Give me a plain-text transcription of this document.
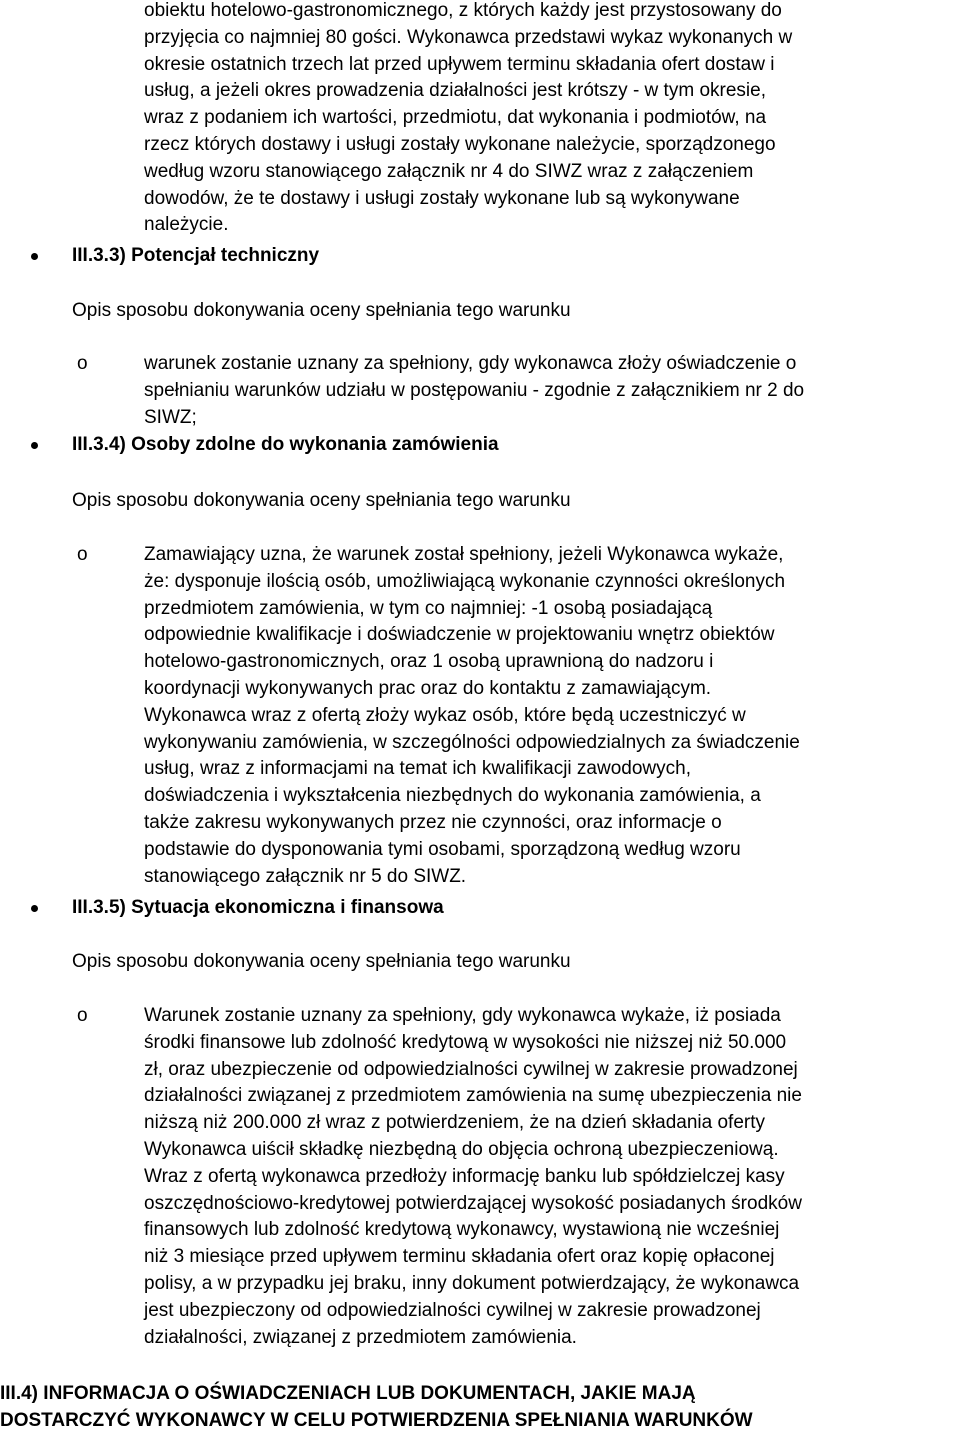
obiektu hotelowo-gastronomicznego, z których każdy jest przystosowany do

przyjęcia co najmniej 80 gości. Wykonawca przedstawi wykaz wykonanych w

okresie ostatnich trzech lat przed upływem terminu składania ofert dostaw i

usług, a jeżeli okres prowadzenia działalności jest krótszy - w tym okresie,

wraz z podaniem ich wartości, przedmiotu, dat wykonania i podmiotów, na

rzecz których dostawy i usługi zostały wykonane należycie, sporządzonego

według wzoru stanowiącego załącznik nr 4 do SIWZ wraz z załączeniem

dowodów, że te dostawy i usługi zostały wykonane lub są wykonywane

należycie.

III.3.3) Potencjał techniczny
Opis sposobu dokonywania oceny spełniania tego warunku
o	warunek zostanie uznany za spełniony, gdy wykonawca złoży oświadczenie o

spełnianiu warunków udziału w postępowaniu - zgodnie z załącznikiem nr 2 do

SIWZ;

III.3.4) Osoby zdolne do wykonania zamówienia
Opis sposobu dokonywania oceny spełniania tego warunku
o	Zamawiający uzna, że warunek został spełniony, jeżeli Wykonawca wykaże,

że: dysponuje ilością osób, umożliwiającą wykonanie czynności określonych

przedmiotem zamówienia, w tym co najmniej: -1 osobą posiadającą

odpowiednie kwalifikacje i doświadczenie w projektowaniu wnętrz obiektów

hotelowo-gastronomicznych, oraz 1 osobą uprawnioną do nadzoru i

koordynacji wykonywanych prac oraz do kontaktu z zamawiającym.

Wykonawca wraz z ofertą złoży wykaz osób, które będą uczestniczyć w

wykonywaniu zamówienia, w szczególności odpowiedzialnych za świadczenie

usług, wraz z informacjami na temat ich kwalifikacji zawodowych,

doświadczenia i wykształcenia niezbędnych do wykonania zamówienia, a

także zakresu wykonywanych przez nie czynności, oraz informacje o

podstawie do dysponowania tymi osobami, sporządzoną według wzoru

stanowiącego załącznik nr 5 do SIWZ.

III.3.5) Sytuacja ekonomiczna i finansowa
Opis sposobu dokonywania oceny spełniania tego warunku
o	Warunek zostanie uznany za spełniony, gdy wykonawca wykaże, iż posiada

środki finansowe lub zdolność kredytową w wysokości nie niższej niż 50.000

zł, oraz ubezpieczenie od odpowiedzialności cywilnej w zakresie prowadzonej

działalności związanej z przedmiotem zamówienia na sumę ubezpieczenia nie

niższą niż 200.000 zł wraz z potwierdzeniem, że na dzień składania oferty

Wykonawca uiścił składkę niezbędną do objęcia ochroną ubezpieczeniową.

Wraz z ofertą wykonawca przedłoży informację banku lub spółdzielczej kasy

oszczędnościowo-kredytowej potwierdzającej wysokość posiadanych środków

finansowych lub zdolność kredytową wykonawcy, wystawioną nie wcześniej

niż 3 miesiące przed upływem terminu składania ofert oraz kopię opłaconej

polisy, a w przypadku jej braku, inny dokument potwierdzający, że wykonawca

jest ubezpieczony od odpowiedzialności cywilnej w zakresie prowadzonej

działalności, związanej z przedmiotem zamówienia.

III.4) INFORMACJA O OŚWIADCZENIACH LUB DOKUMENTACH, JAKIE MAJĄ
DOSTARCZYĆ WYKONAWCY W CELU POTWIERDZENIA SPEŁNIANIA WARUNKÓW
